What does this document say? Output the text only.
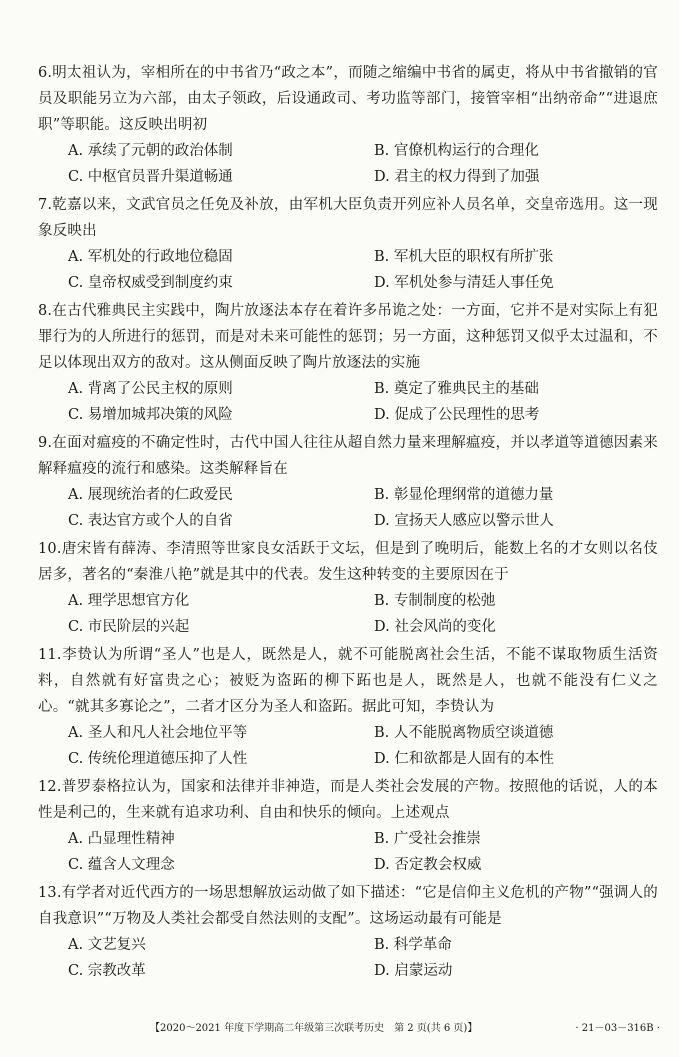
6.明太祖认为，宰相所在的中书省乃“政之本”，而随之缩编中书省的属吏，将从中书省撤销的官员及职能另立为六部，由太子领政，后设通政司、考功监等部门，接管宰相“出纳帝命”“进退庶职”等职能。这反映出明初

A. 承续了元朝的政治体制	B. 官僚机构运行的合理化
C. 中枢官员晋升渠道畅通	D. 君主的权力得到了加强

7.乾嘉以来，文武官员之任免及补放，由军机大臣负责开列应补人员名单，交皇帝选用。这一现象反映出

A. 军机处的行政地位稳固	B. 军机大臣的职权有所扩张
C. 皇帝权威受到制度约束	D. 军机处参与清廷人事任免

8.在古代雅典民主实践中，陶片放逐法本存在着许多吊诡之处：一方面，它并不是对实际上有犯罪行为的人所进行的惩罚，而是对未来可能性的惩罚；另一方面，这种惩罚又似乎太过温和，不足以体现出双方的敌对。这从侧面反映了陶片放逐法的实施

A. 背离了公民主权的原则	B. 奠定了雅典民主的基础
C. 易增加城邦决策的风险	D. 促成了公民理性的思考

9.在面对瘟疫的不确定性时，古代中国人往往从超自然力量来理解瘟疫，并以孝道等道德因素来解释瘟疫的流行和感染。这类解释旨在

A. 展现统治者的仁政爱民	B. 彰显伦理纲常的道德力量
C. 表达官方或个人的自省	D. 宣扬天人感应以警示世人

10.唐宋皆有薛涛、李清照等世家良女活跃于文坛，但是到了晚明后，能数上名的才女则以名伎居多，著名的“秦淮八艳”就是其中的代表。发生这种转变的主要原因在于

A. 理学思想官方化	B. 专制制度的松弛
C. 市民阶层的兴起	D. 社会风尚的变化

11.李贽认为所谓“圣人”也是人，既然是人，就不可能脱离社会生活，不能不谋取物质生活资料，自然就有好富贵之心；被贬为盗跖的柳下跖也是人，既然是人，也就不能没有仁义之心。“就其多寡论之”，二者才区分为圣人和盗跖。据此可知，李贽认为

A. 圣人和凡人社会地位平等	B. 人不能脱离物质空谈道德
C. 传统伦理道德压抑了人性	D. 仁和欲都是人固有的本性

12.普罗泰格拉认为，国家和法律并非神造，而是人类社会发展的产物。按照他的话说，人的本性是利己的，生来就有追求功利、自由和快乐的倾向。上述观点

A. 凸显理性精神	B. 广受社会推崇
C. 蕴含人文理念	D. 否定教会权威

13.有学者对近代西方的一场思想解放运动做了如下描述：“它是信仰主义危机的产物”“强调人的自我意识”“万物及人类社会都受自然法则的支配”。这场运动最有可能是

A. 文艺复兴	B. 科学革命
C. 宗教改革	D. 启蒙运动
【2020～2021 年度下学期高二年级第三次联考历史　第 2 页(共 6 页)】	· 21－03－316B ·
